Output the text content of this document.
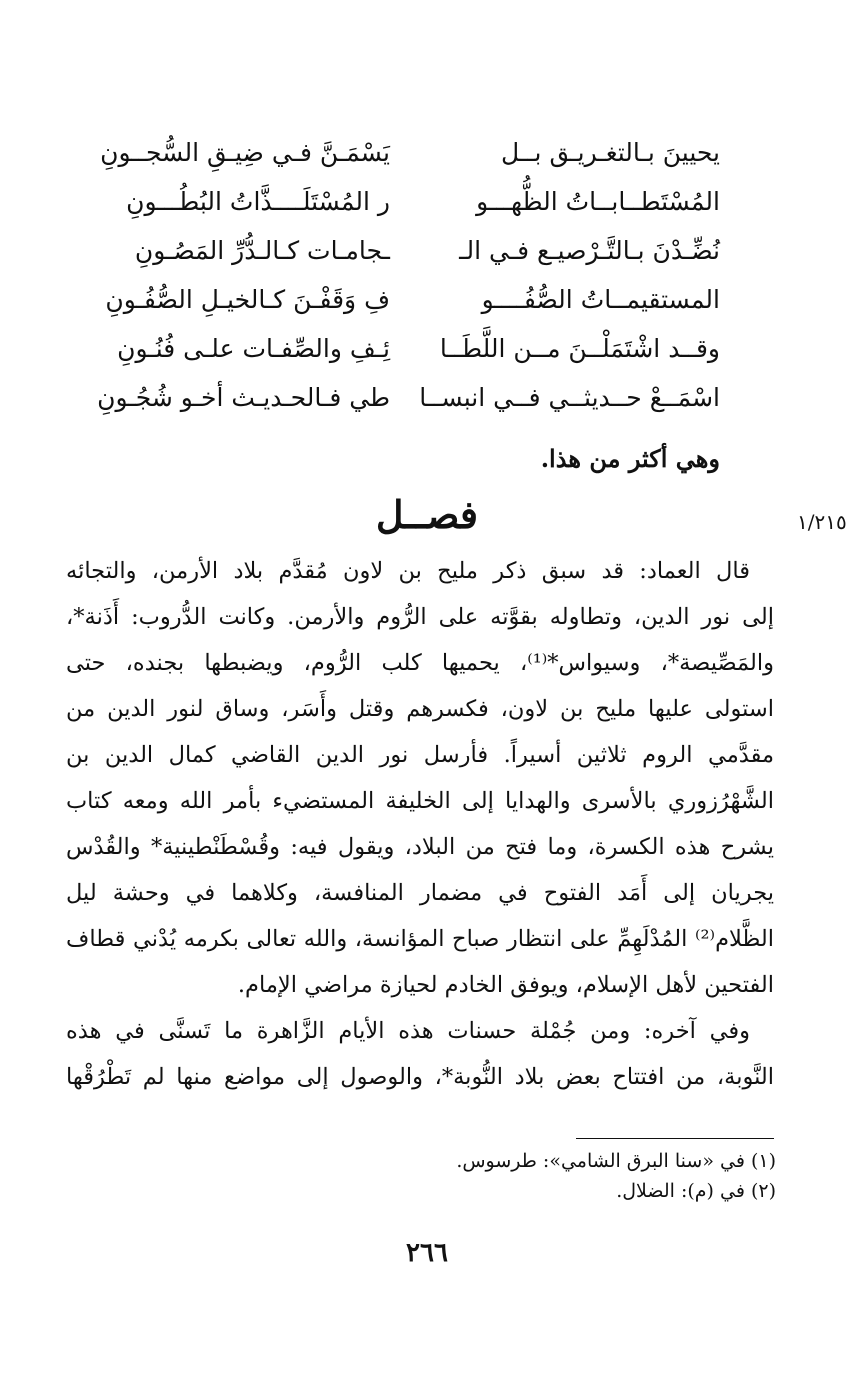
يحيينَ بـالتغـريـق بــل
يَسْمَـنَّ فـي ضِيـقِ السُّجــونِ
المُسْتَطــابــاتُ الظُّهـــو
ر المُسْتَلَــــذَّاتُ البُطُـــونِ
نُضِّـدْنَ بـالتَّـرْصيـع فـي الـ
ـجامـات كـالـدُّرِّ المَصُـونِ
المستقيمــاتُ الصُّفُــــو
فِ وَقَفْـنَ كـالخيـلِ الصُّفُـونِ
وقــد اشْتَمَلْــنَ مــن اللَّطَــا
ئِـفِ والصِّفـات علـى فُنُـونِ
اسْمَــعْ حــديثــي فــي انبســا
طي فـالحـديـث أخـو شُجُـونِ
وهي أكثر من هذا.
فصــل	١/٢١٥
قال العماد: قد سبق ذكر مليح بن لاون مُقدَّم بلاد الأرمن، والتجائه
إلى نور الدين، وتطاوله بقوَّته على الرُّوم والأرمن. وكانت الدُّروب: أَذَنة*،
والمَصِّيصة*، وسيواس*⁽¹⁾، يحميها كلب الرُّوم، ويضبطها بجنده، حتى
استولى عليها مليح بن لاون، فكسرهم وقتل وأَسَر، وساق لنور الدين من
مقدَّمي الروم ثلاثين أسيراً. فأرسل نور الدين القاضي كمال الدين بن
الشَّهْرُزوري بالأسرى والهدايا إلى الخليفة المستضيء بأمر الله ومعه كتاب
يشرح هذه الكسرة، وما فتح من البلاد، ويقول فيه: وقُسْطَنْطينية* والقُدْس
يجريان إلى أَمَد الفتوح في مضمار المنافسة، وكلاهما في وحشة ليل
الظَّلام⁽²⁾ المُدْلَهِمِّ على انتظار صباح المؤانسة، والله تعالى بكرمه يُدْني قطاف
الفتحين لأهل الإسلام، ويوفق الخادم لحيازة مراضي الإمام.
وفي آخره: ومن جُمْلة حسنات هذه الأيام الزَّاهرة ما تَسنَّى في هذه
النَّوبة، من افتتاح بعض بلاد النُّوبة*، والوصول إلى مواضع منها لم تَطْرُقْها
(١) في «سنا البرق الشامي»: طرسوس.
(٢) في (م): الضلال.
٢٦٦
